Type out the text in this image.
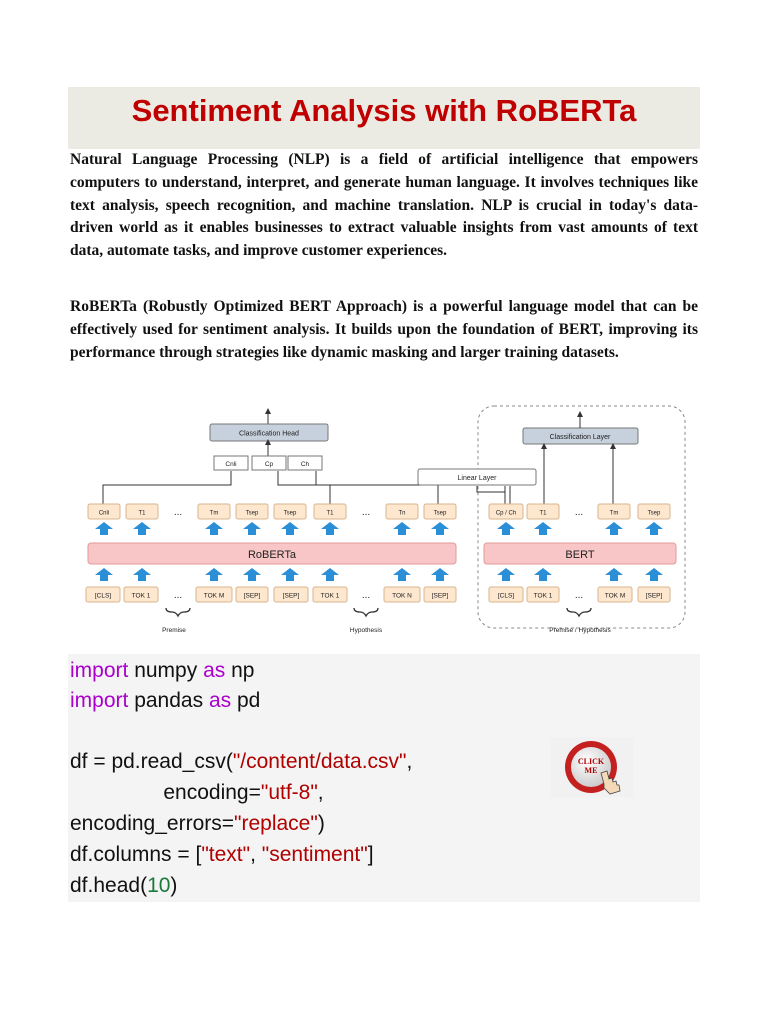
Sentiment Analysis with RoBERTa

Natural Language Processing (NLP) is a field of artificial intelligence that empowers computers to understand, interpret, and generate human language. It involves techniques like text analysis, speech recognition, and machine translation. NLP is crucial in today's data-driven world as it enables businesses to extract valuable insights from vast amounts of text data, automate tasks, and improve customer experiences.

RoBERTa (Robustly Optimized BERT Approach) is a powerful language model that can be effectively used for sentiment analysis. It builds upon the foundation of BERT, improving its performance through strategies like dynamic masking and larger training datasets.

Classification Head
Cnli	Cp	Ch
Linear Layer
Classification Layer
Cnli	T1	...	Tm	Tsep	Tsep	T1	...	Tn	Tsep	Cp / Ch	T1	...	Tm	Tsep
RoBERTa	BERT
[CLS]	TOK 1 ...	TOK M	[SEP]	[SEP]	TOK 1 ...	TOK N	[SEP]	[CLS]	TOK 1 ...	TOK M	[SEP]
Premise	Hypothesis	Premise / Hypothesis
import numpy as np
import pandas as pd
df = pd.read_csv("/content/data.csv",
encoding="utf-8",
encoding_errors="replace")
df.columns = ["text", "sentiment"]
df.head(10)
CLICK
ME
